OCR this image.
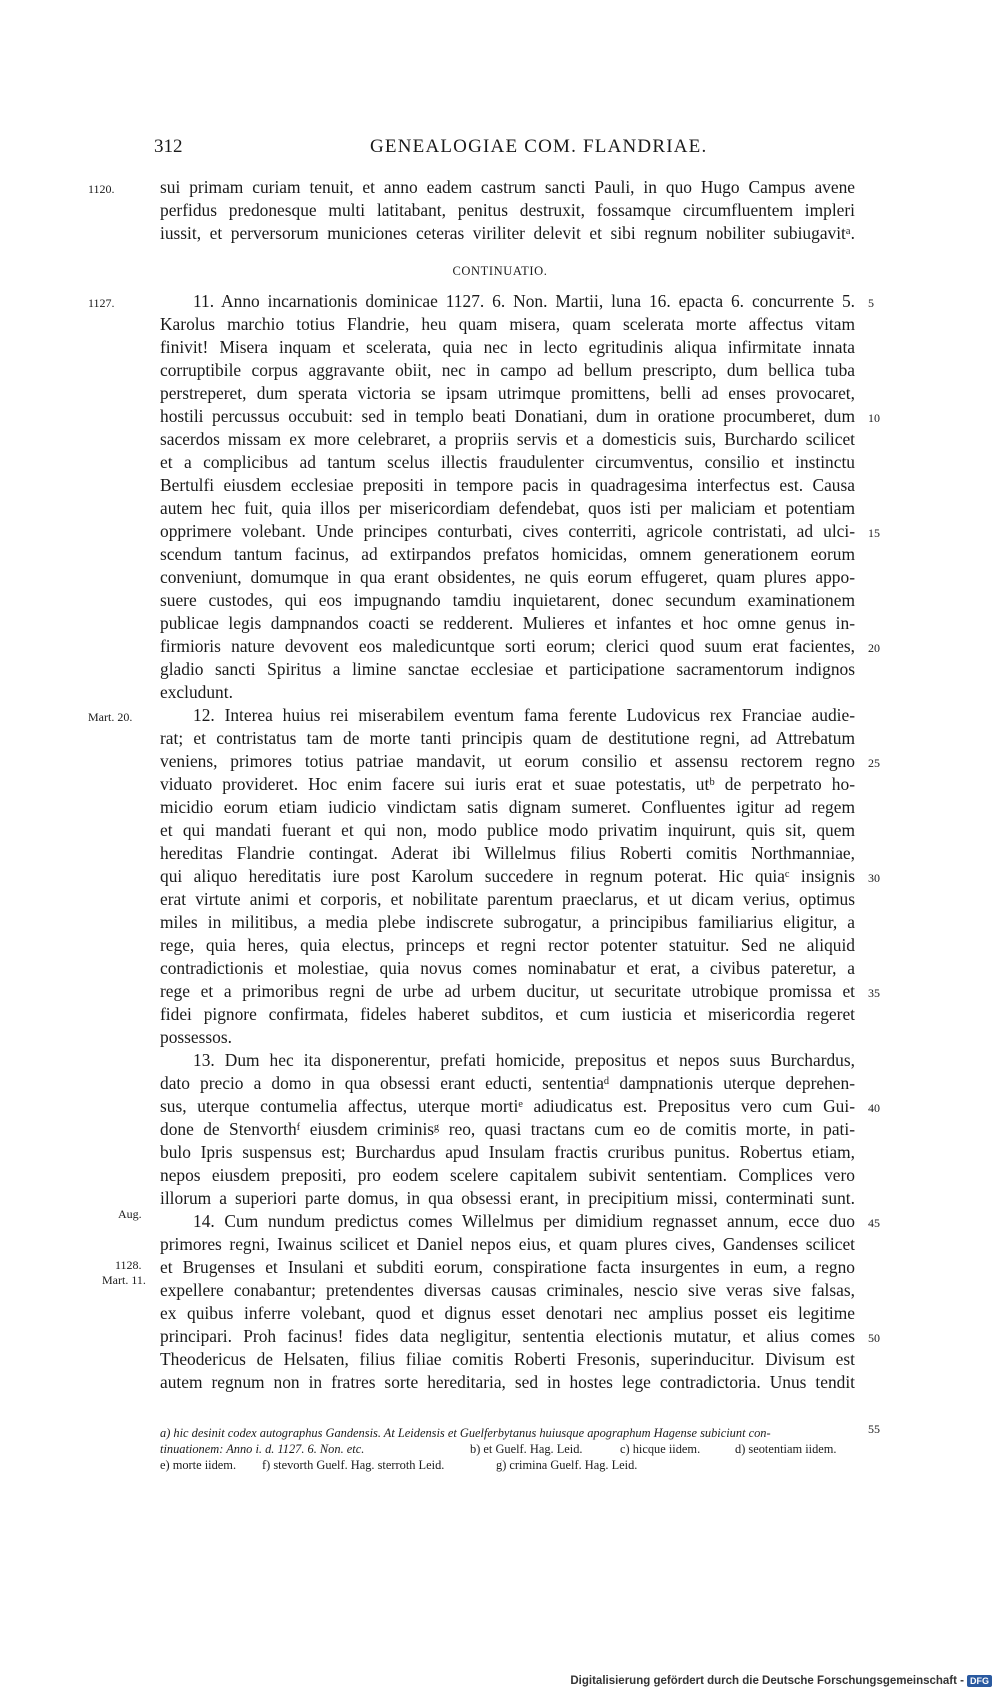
312	GENEALOGIAE COM. FLANDRIAE.
1120.
1127.
Mart. 20.
Aug.
1128.
Mart. 11.
5
10
15
20
25
30
35
40
45
50
55
CONTINUATIO.
sui primam curiam tenuit, et anno eadem castrum sancti Pauli, in quo Hugo Campus avene
perfidus predonesque multi latitabant, penitus destruxit, fossamque circumfluentem impleri
iussit, et perversorum municiones ceteras viriliter delevit et sibi regnum nobiliter subiugavitᵃ.
11. Anno incarnationis dominicae 1127. 6. Non. Martii, luna 16. epacta 6. concurrente 5.
Karolus marchio totius Flandrie, heu quam misera, quam scelerata morte affectus vitam
finivit! Misera inquam et scelerata, quia nec in lecto egritudinis aliqua infirmitate innata
corruptibile corpus aggravante obiit, nec in campo ad bellum prescripto, dum bellica tuba
perstreperet, dum sperata victoria se ipsam utrimque promittens, belli ad enses provocaret,
hostili percussus occubuit: sed in templo beati Donatiani, dum in oratione procumberet, dum
sacerdos missam ex more celebraret, a propriis servis et a domesticis suis, Burchardo scilicet
et a complicibus ad tantum scelus illectis fraudulenter circumventus, consilio et instinctu
Bertulfi eiusdem ecclesiae prepositi in tempore pacis in quadragesima interfectus est. Causa
autem hec fuit, quia illos per misericordiam defendebat, quos isti per maliciam et potentiam
opprimere volebant. Unde principes conturbati, cives conterriti, agricole contristati, ad ulci-
scendum tantum facinus, ad extirpandos prefatos homicidas, omnem generationem eorum
conveniunt, domumque in qua erant obsidentes, ne quis eorum effugeret, quam plures appo-
suere custodes, qui eos impugnando tamdiu inquietarent, donec secundum examinationem
publicae legis dampnandos coacti se redderent. Mulieres et infantes et hoc omne genus in-
firmioris nature devovent eos maledicuntque sorti eorum; clerici quod suum erat facientes,
gladio sancti Spiritus a limine sanctae ecclesiae et participatione sacramentorum indignos
excludunt.
12. Interea huius rei miserabilem eventum fama ferente Ludovicus rex Franciae audie-
rat; et contristatus tam de morte tanti principis quam de destitutione regni, ad Attrebatum
veniens, primores totius patriae mandavit, ut eorum consilio et assensu rectorem regno
viduato provideret. Hoc enim facere sui iuris erat et suae potestatis, utᵇ de perpetrato ho-
micidio eorum etiam iudicio vindictam satis dignam sumeret. Confluentes igitur ad regem
et qui mandati fuerant et qui non, modo publice modo privatim inquirunt, quis sit, quem
hereditas Flandrie contingat. Aderat ibi Willelmus filius Roberti comitis Northmanniae,
qui aliquo hereditatis iure post Karolum succedere in regnum poterat. Hic quiaᶜ insignis
erat virtute animi et corporis, et nobilitate parentum praeclarus, et ut dicam verius, optimus
miles in militibus, a media plebe indiscrete subrogatur, a principibus familiarius eligitur, a
rege, quia heres, quia electus, princeps et regni rector potenter statuitur. Sed ne aliquid
contradictionis et molestiae, quia novus comes nominabatur et erat, a civibus pateretur, a
rege et a primoribus regni de urbe ad urbem ducitur, ut securitate utrobique promissa et
fidei pignore confirmata, fideles haberet subditos, et cum iusticia et misericordia regeret
possessos.
13. Dum hec ita disponerentur, prefati homicide, prepositus et nepos suus Burchardus,
dato precio a domo in qua obsessi erant educti, sententiaᵈ dampnationis uterque deprehen-
sus, uterque contumelia affectus, uterque mortiᵉ adiudicatus est. Prepositus vero cum Gui-
done de Stenvorthᶠ eiusdem criminisᵍ reo, quasi tractans cum eo de comitis morte, in pati-
bulo Ipris suspensus est; Burchardus apud Insulam fractis cruribus punitus. Robertus etiam,
nepos eiusdem prepositi, pro eodem scelere capitalem subivit sententiam. Complices vero
illorum a superiori parte domus, in qua obsessi erant, in precipitium missi, conterminati sunt.
14. Cum nundum predictus comes Willelmus per dimidium regnasset annum, ecce duo
primores regni, Iwainus scilicet et Daniel nepos eius, et quam plures cives, Gandenses scilicet
et Brugenses et Insulani et subditi eorum, conspiratione facta insurgentes in eum, a regno
expellere conabantur; pretendentes diversas causas criminales, nescio sive veras sive falsas,
ex quibus inferre volebant, quod et dignus esset denotari nec amplius posset eis legitime
principari. Proh facinus! fides data negligitur, sententia electionis mutatur, et alius comes
Theodericus de Helsaten, filius filiae comitis Roberti Fresonis, superinducitur. Divisum est
autem regnum non in fratres sorte hereditaria, sed in hostes lege contradictoria. Unus tendit
a) hic desinit codex autographus Gandensis. At Leidensis et Guelferbytanus huiusque apographum Hagense subiciunt con-
tinuationem: Anno i. d. 1127. 6. Non. etc.	b) et Guelf. Hag. Leid.	c) hicque iidem.	d) seotentiam iidem.
e) morte iidem. f) stevorth Guelf. Hag. sterroth Leid.	g) crimina Guelf. Hag. Leid.
Digitalisierung gefördert durch die Deutsche Forschungsgemeinschaft - DFG
